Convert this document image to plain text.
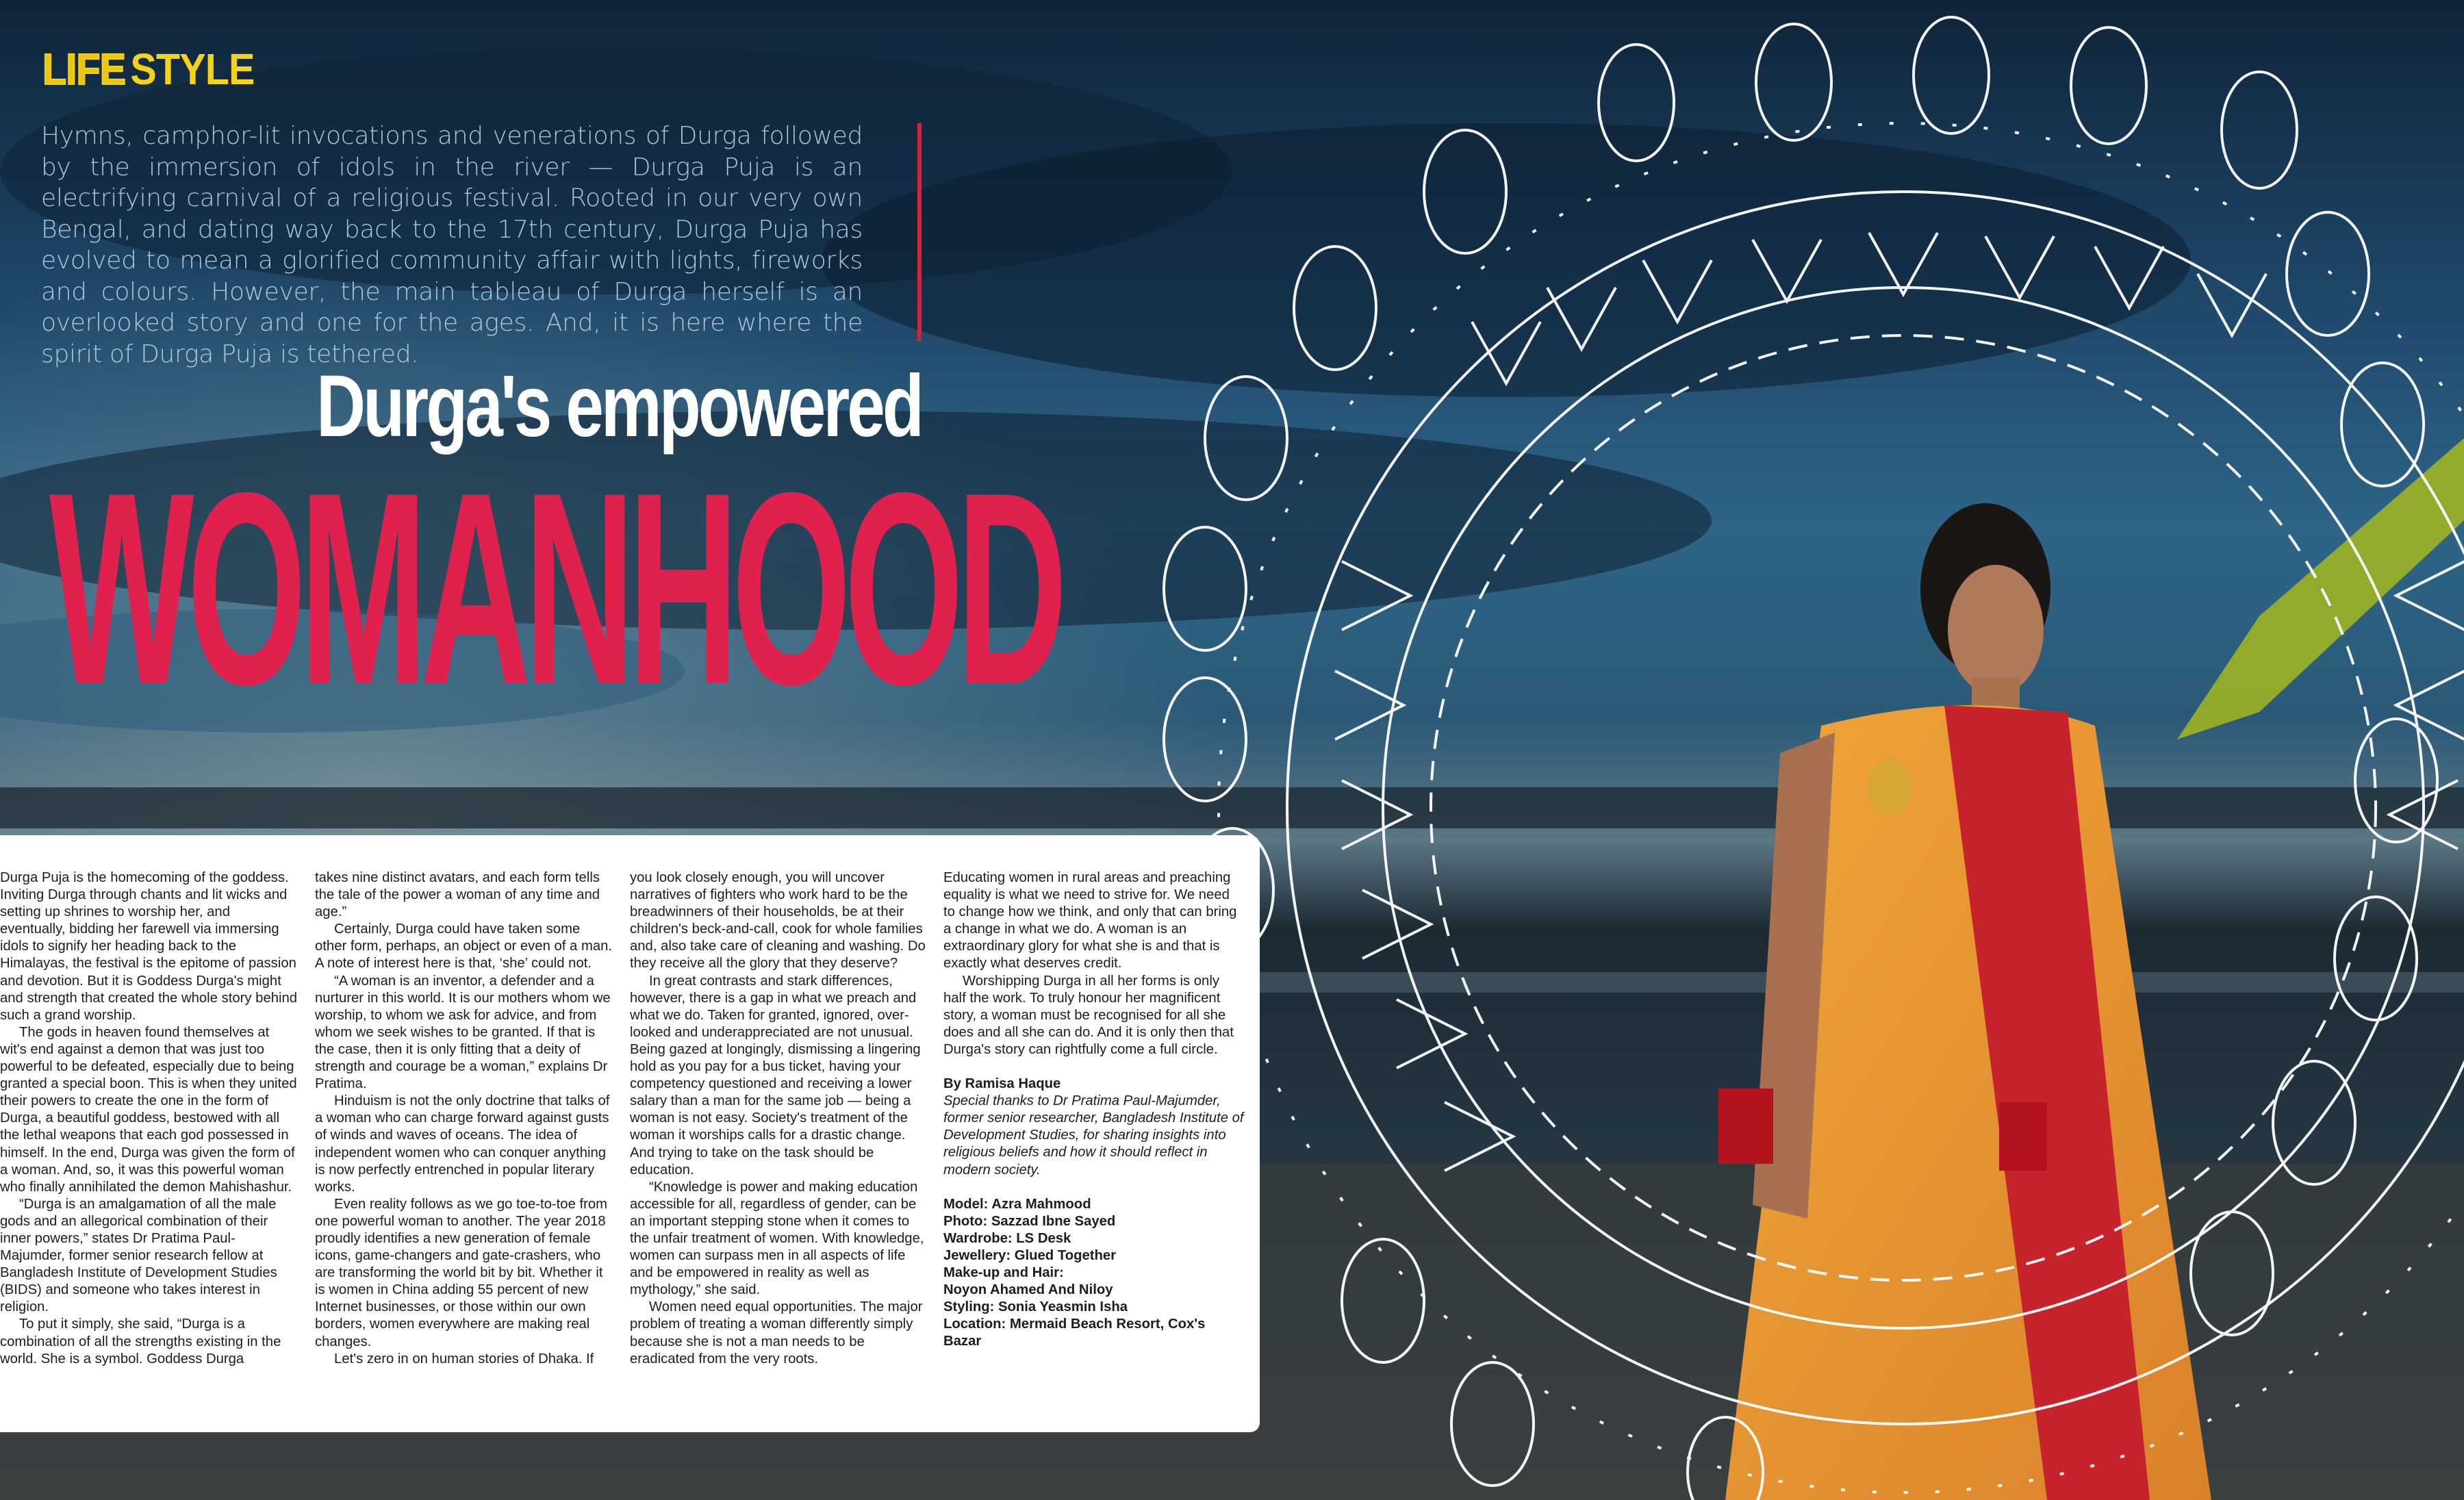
LIFE STYLE

Hymns, camphor-lit invocations and venerations of Durga followed by the immersion of idols in the river — Durga Puja is an electrifying carnival of a religious festival. Rooted in our very own Bengal, and dating way back to the 17th century, Durga Puja has evolved to mean a glorified community affair with lights, fireworks and colours. However, the main tableau of Durga herself is an overlooked story and one for the ages. And, it is here where the spirit of Durga Puja is tethered.

Durga's empowered
WOMANHOOD

Durga Puja is the homecoming of the goddess. Inviting Durga through chants and lit wicks and setting up shrines to worship her, and eventually, bidding her farewell via immersing idols to signify her heading back to the Himalayas, the festival is the epitome of passion and devotion. But it is Goddess Durga's might and strength that created the whole story behind such a grand worship.

The gods in heaven found themselves at wit's end against a demon that was just too powerful to be defeated, especially due to being granted a special boon. This is when they united their powers to create the one in the form of Durga, a beautiful goddess, bestowed with all the lethal weapons that each god possessed in himself. In the end, Durga was given the form of a woman. And, so, it was this powerful woman who finally annihilated the demon Mahishashur.

“Durga is an amalgamation of all the male gods and an allegorical combination of their inner powers,” states Dr Pratima Paul-Majumder, former senior research fellow at Bangladesh Institute of Development Studies (BIDS) and someone who takes interest in religion.

To put it simply, she said, “Durga is a combination of all the strengths existing in the world. She is a symbol. Goddess Durga

takes nine distinct avatars, and each form tells the tale of the power a woman of any time and age.”

Certainly, Durga could have taken some other form, perhaps, an object or even of a man. A note of interest here is that, ‘she’ could not.

“A woman is an inventor, a defender and a nurturer in this world. It is our mothers whom we worship, to whom we ask for advice, and from whom we seek wishes to be granted. If that is the case, then it is only fitting that a deity of strength and courage be a woman,” explains Dr Pratima.

Hinduism is not the only doctrine that talks of a woman who can charge forward against gusts of winds and waves of oceans. The idea of independent women who can conquer anything is now perfectly entrenched in popular literary works.

Even reality follows as we go toe-to-toe from one powerful woman to another. The year 2018 proudly identifies a new generation of female icons, game-changers and gate-crashers, who are transforming the world bit by bit. Whether it is women in China adding 55 percent of new Internet businesses, or those within our own borders, women everywhere are making real changes.

Let's zero in on human stories of Dhaka. If

you look closely enough, you will uncover narratives of fighters who work hard to be the breadwinners of their households, be at their children's beck-and-call, cook for whole families and, also take care of cleaning and washing. Do they receive all the glory that they deserve?

In great contrasts and stark differences, however, there is a gap in what we preach and what we do. Taken for granted, ignored, over-looked and underappreciated are not unusual. Being gazed at longingly, dismissing a lingering hold as you pay for a bus ticket, having your competency questioned and receiving a lower salary than a man for the same job — being a woman is not easy. Society's treatment of the woman it worships calls for a drastic change. And trying to take on the task should be education.

“Knowledge is power and making education accessible for all, regardless of gender, can be an important stepping stone when it comes to the unfair treatment of women. With knowledge, women can surpass men in all aspects of life and be empowered in reality as well as mythology,” she said.

Women need equal opportunities. The major problem of treating a woman differently simply because she is not a man needs to be eradicated from the very roots.

Educating women in rural areas and preaching equality is what we need to strive for. We need to change how we think, and only that can bring a change in what we do. A woman is an extraordinary glory for what she is and that is exactly what deserves credit.

Worshipping Durga in all her forms is only half the work. To truly honour her magnificent story, a woman must be recognised for all she does and all she can do. And it is only then that Durga's story can rightfully come a full circle.

By Ramisa Haque

Special thanks to Dr Pratima Paul-Majumder, former senior researcher, Bangladesh Institute of Development Studies, for sharing insights into religious beliefs and how it should reflect in modern society.

Model: Azra Mahmood
Photo: Sazzad Ibne Sayed
Wardrobe: LS Desk
Jewellery: Glued Together
Make-up and Hair:
Noyon Ahamed And Niloy
Styling: Sonia Yeasmin Isha
Location: Mermaid Beach Resort, Cox's Bazar
